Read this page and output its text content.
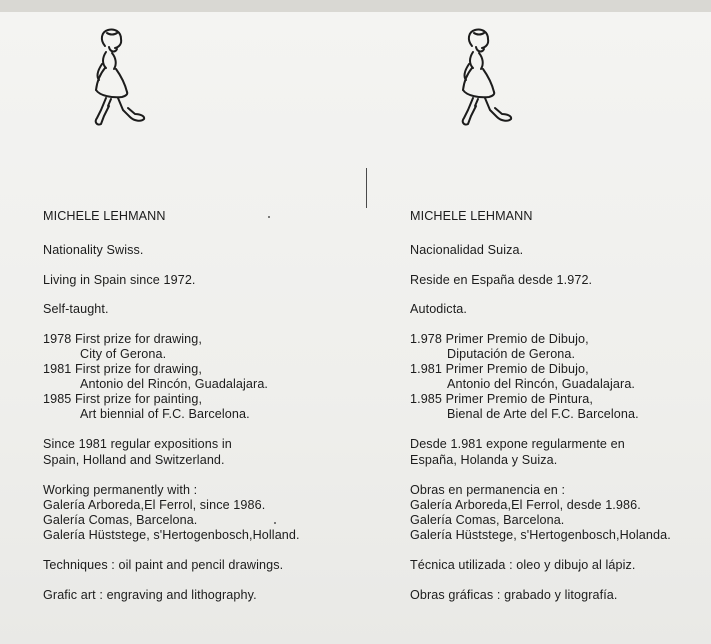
MICHELE LEHMANN
Nationality Swiss.
Living in Spain since 1972.
Self-taught.
1978 First prize for drawing,
City of Gerona.
1981 First prize for drawing,
Antonio del Rincón, Guadalajara.
1985 First prize for painting,
Art biennial of F.C. Barcelona.
Since 1981 regular expositions in
Spain, Holland and Switzerland.
Working permanently with :
Galería Arboreda,El Ferrol, since 1986.
Galería Comas, Barcelona.
Galería Hüststege, s'Hertogenbosch,Holland.
Techniques : oil paint and pencil drawings.
Grafic art : engraving and lithography.
MICHELE LEHMANN
Nacionalidad Suiza.
Reside en España desde 1.972.
Autodicta.
1.978 Primer Premio de Dibujo,
Diputación de Gerona.
1.981 Primer Premio de Dibujo,
Antonio del Rincón, Guadalajara.
1.985 Primer Premio de Pintura,
Bienal de Arte del F.C. Barcelona.
Desde 1.981 expone regularmente en
España, Holanda y Suiza.
Obras en permanencia en :
Galería Arboreda,El Ferrol, desde 1.986.
Galería Comas, Barcelona.
Galería Hüststege, s'Hertogenbosch,Holanda.
Técnica utilizada : oleo y dibujo al lápiz.
Obras gráficas : grabado y litografía.
